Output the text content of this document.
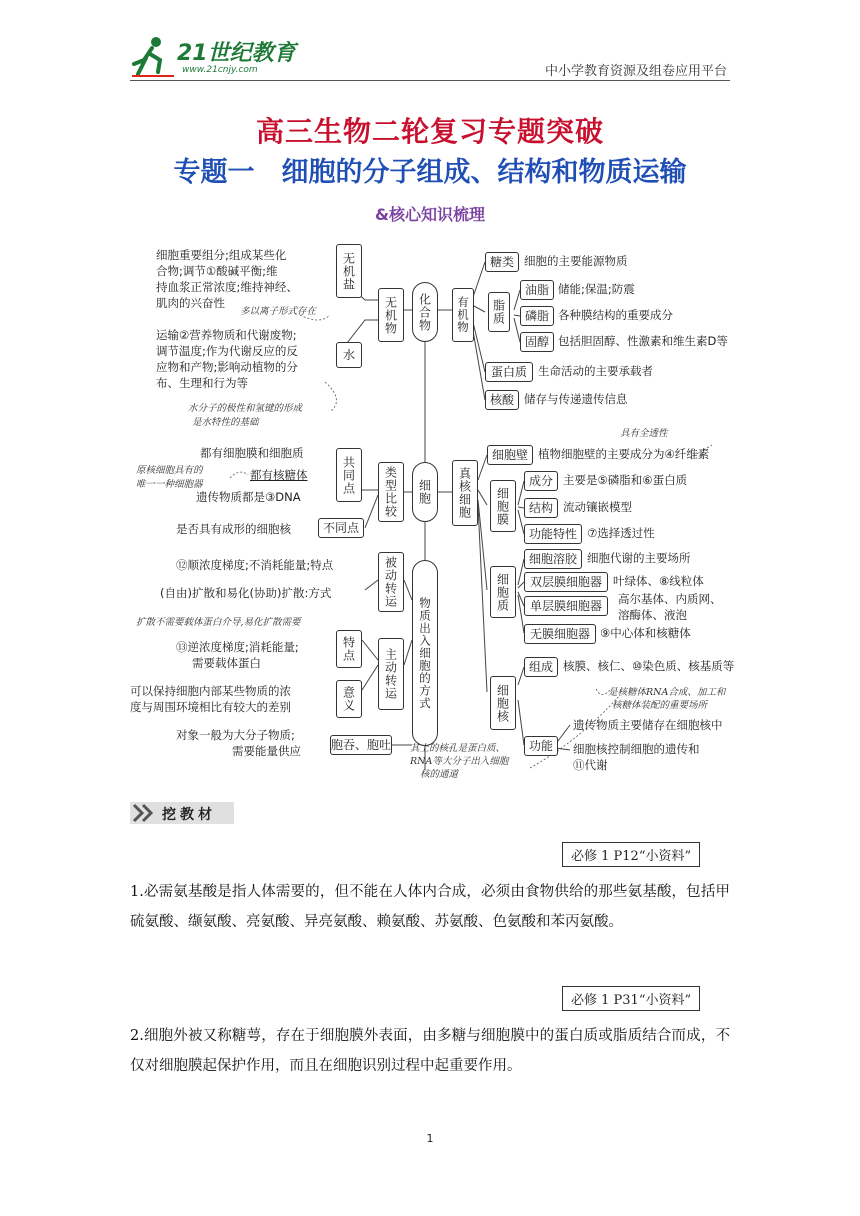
21世纪教育
www.21cnjy.com	中小学教育资源及组卷应用平台
高三生物二轮复习专题突破
专题一　细胞的分子组成、结构和物质运输
&核心知识梳理
化合物
细胞
物质出入细胞的方式
无机物
无机盐
水
细胞重要组分;组成某些化
合物;调节①酸碱平衡;维
持血浆正常浓度;维持神经、
肌肉的兴奋性
多以离子形式存在
运输②营养物质和代谢废物;
调节温度;作为代谢反应的反
应物和产物;影响动植物的分
布、生理和行为等
水分子的极性和氢键的形成
是水特性的基础
有机物
糖类 细胞的主要能源物质
脂质
油脂 储能;保温;防震
磷脂 各种膜结构的重要成分
固醇 包括胆固醇、性激素和维生素D等
蛋白质 生命活动的主要承载者
核酸 储存与传递遗传信息
类型比较
共同点
不同点
都有细胞膜和细胞质
都有核糖体
遗传物质都是③DNA
原核细胞具有的
唯一一种细胞器
是否具有成形的细胞核
真核细胞
细胞壁 植物细胞壁的主要成分为④纤维素
具有全透性
细胞膜
成分 主要是⑤磷脂和⑥蛋白质
结构 流动镶嵌模型
功能特性 ⑦选择透过性
细胞质
细胞溶胶 细胞代谢的主要场所
双层膜细胞器 叶绿体、⑧线粒体
单层膜细胞器	高尔基体、内质网、
溶酶体、液泡
无膜细胞器 ⑨中心体和核糖体
细胞核
组成 核膜、核仁、⑩染色质、核基质等
是核糖体RNA合成、加工和
核糖体装配的重要场所
功能
遗传物质主要储存在细胞核中
细胞核控制细胞的遗传和
⑪代谢
被动转运
⑫顺浓度梯度;不消耗能量;特点
(自由)扩散和易化(协助)扩散:方式
扩散不需要载体蛋白介导,易化扩散需要
主动转运
特点
⑬逆浓度梯度;消耗能量;
需要载体蛋白
意义
可以保持细胞内部某些物质的浓
度与周围环境相比有较大的差别
胞吞、胞吐
对象一般为大分子物质;
需要能量供应	其上的核孔是蛋白质、
RNA等大分子出入细胞
核的通道
挖教材
必修 1 P12“小资料”
1.必需氨基酸是指人体需要的，但不能在人体内合成，必须由食物供给的那些氨基酸，包括甲硫氨酸、缬氨酸、亮氨酸、异亮氨酸、赖氨酸、苏氨酸、色氨酸和苯丙氨酸。
必修 1 P31“小资料”
2.细胞外被又称糖萼，存在于细胞膜外表面，由多糖与细胞膜中的蛋白质或脂质结合而成，不仅对细胞膜起保护作用，而且在细胞识别过程中起重要作用。
1
